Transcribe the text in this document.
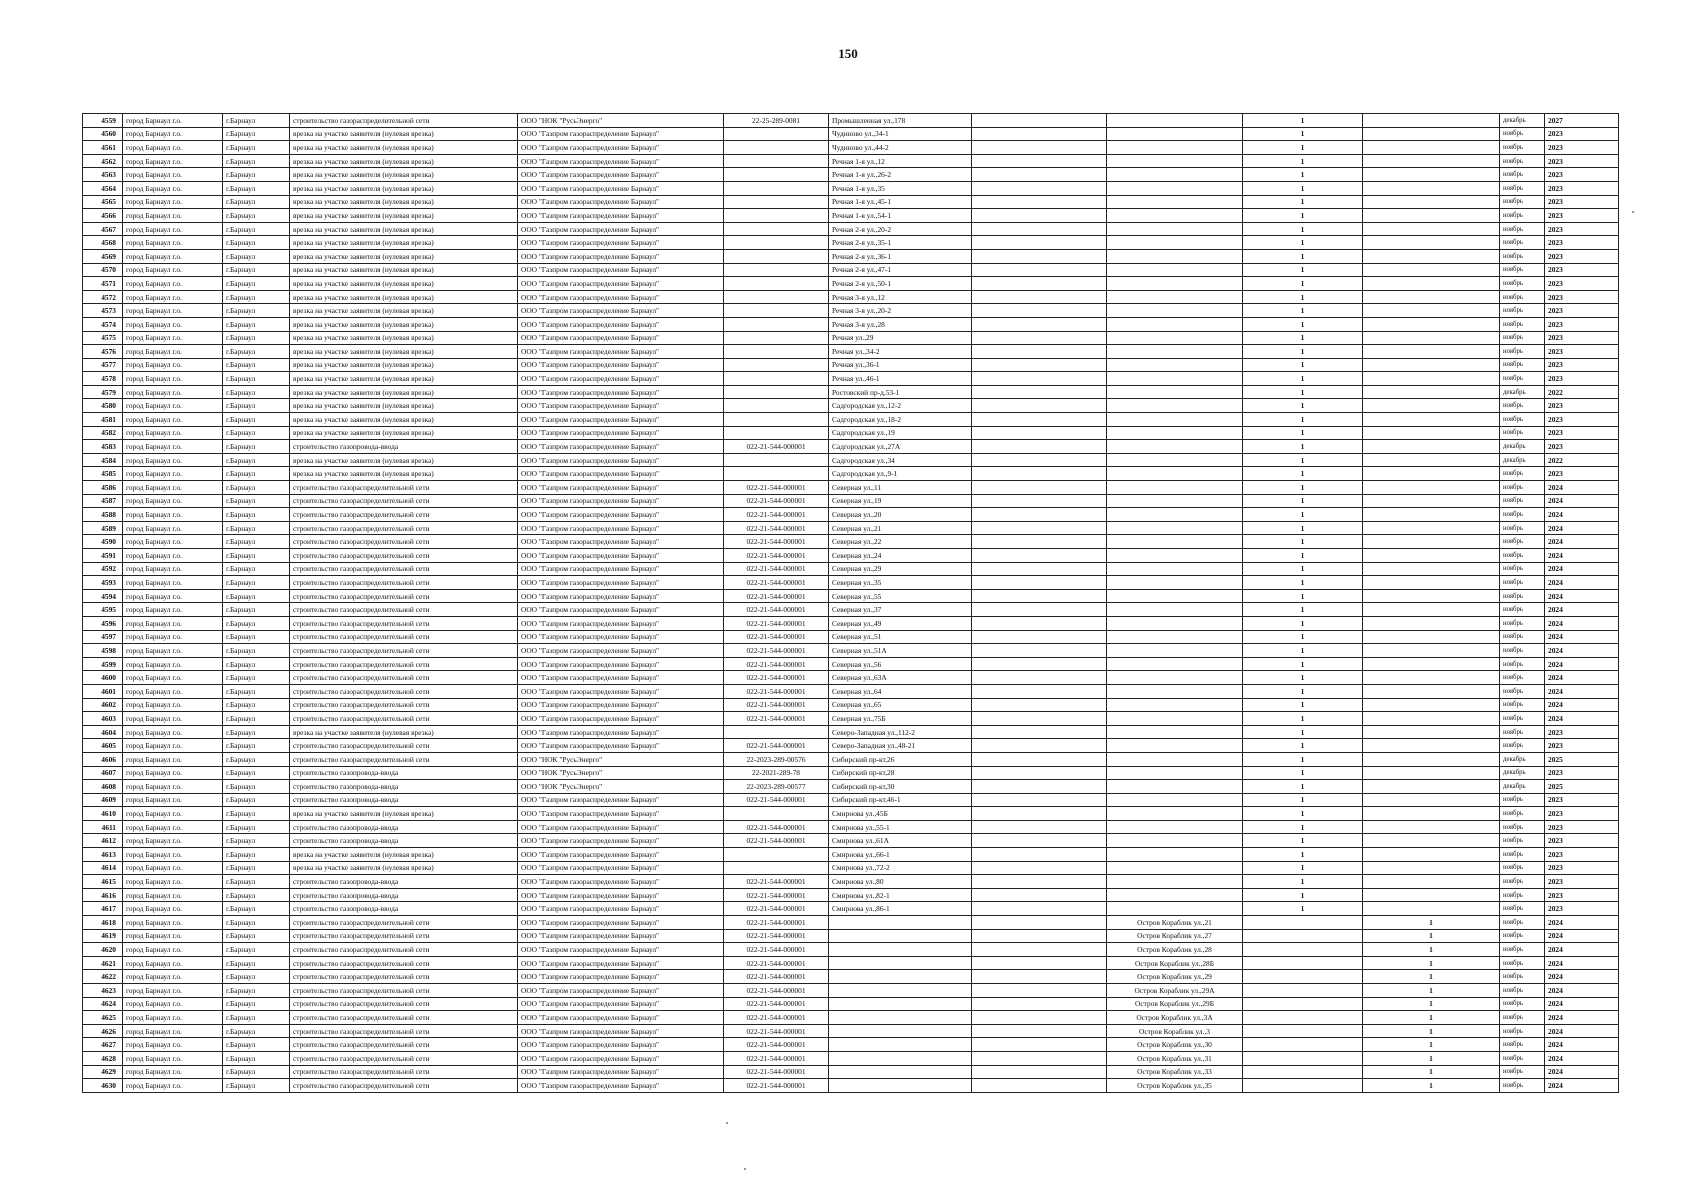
150
4559	город Барнаул г.о.	г.Барнаул	строительство газораспределительной сети	ООО "НОК "РусьЭнерго"	22-25-289-0081	Промышленная ул.,178			1		декабрь	2027
4560	город Барнаул г.о.	г.Барнаул	врезка на участке заявителя (нулевая врезка)	ООО "Газпром газораспределение Барнаул"		Чудиново ул.,34-1			1		ноябрь	2023
4561	город Барнаул г.о.	г.Барнаул	врезка на участке заявителя (нулевая врезка)	ООО "Газпром газораспределение Барнаул"		Чудиново ул.,44-2			1		ноябрь	2023
4562	город Барнаул г.о.	г.Барнаул	врезка на участке заявителя (нулевая врезка)	ООО "Газпром газораспределение Барнаул"		Речная 1-я ул.,12			1		ноябрь	2023
4563	город Барнаул г.о.	г.Барнаул	врезка на участке заявителя (нулевая врезка)	ООО "Газпром газораспределение Барнаул"		Речная 1-я ул.,26-2			1		ноябрь	2023
4564	город Барнаул г.о.	г.Барнаул	врезка на участке заявителя (нулевая врезка)	ООО "Газпром газораспределение Барнаул"		Речная 1-я ул.,35			1		ноябрь	2023
4565	город Барнаул г.о.	г.Барнаул	врезка на участке заявителя (нулевая врезка)	ООО "Газпром газораспределение Барнаул"		Речная 1-я ул.,45-1			1		ноябрь	2023
4566	город Барнаул г.о.	г.Барнаул	врезка на участке заявителя (нулевая врезка)	ООО "Газпром газораспределение Барнаул"		Речная 1-я ул.,54-1			1		ноябрь	2023
4567	город Барнаул г.о.	г.Барнаул	врезка на участке заявителя (нулевая врезка)	ООО "Газпром газораспределение Барнаул"		Речная 2-я ул.,20-2			1		ноябрь	2023
4568	город Барнаул г.о.	г.Барнаул	врезка на участке заявителя (нулевая врезка)	ООО "Газпром газораспределение Барнаул"		Речная 2-я ул.,35-1			1		ноябрь	2023
4569	город Барнаул г.о.	г.Барнаул	врезка на участке заявителя (нулевая врезка)	ООО "Газпром газораспределение Барнаул"		Речная 2-я ул.,36-1			1		ноябрь	2023
4570	город Барнаул г.о.	г.Барнаул	врезка на участке заявителя (нулевая врезка)	ООО "Газпром газораспределение Барнаул"		Речная 2-я ул.,47-1			1		ноябрь	2023
4571	город Барнаул г.о.	г.Барнаул	врезка на участке заявителя (нулевая врезка)	ООО "Газпром газораспределение Барнаул"		Речная 2-я ул.,50-1			1		ноябрь	2023
4572	город Барнаул г.о.	г.Барнаул	врезка на участке заявителя (нулевая врезка)	ООО "Газпром газораспределение Барнаул"		Речная 3-я ул.,12			1		ноябрь	2023
4573	город Барнаул г.о.	г.Барнаул	врезка на участке заявителя (нулевая врезка)	ООО "Газпром газораспределение Барнаул"		Речная 3-я ул.,20-2			1		ноябрь	2023
4574	город Барнаул г.о.	г.Барнаул	врезка на участке заявителя (нулевая врезка)	ООО "Газпром газораспределение Барнаул"		Речная 3-я ул.,28			1		ноябрь	2023
4575	город Барнаул г.о.	г.Барнаул	врезка на участке заявителя (нулевая врезка)	ООО "Газпром газораспределение Барнаул"		Речная ул.,29			1		ноябрь	2023
4576	город Барнаул г.о.	г.Барнаул	врезка на участке заявителя (нулевая врезка)	ООО "Газпром газораспределение Барнаул"		Речная ул.,34-2			1		ноябрь	2023
4577	город Барнаул г.о.	г.Барнаул	врезка на участке заявителя (нулевая врезка)	ООО "Газпром газораспределение Барнаул"		Речная ул.,36-1			1		ноябрь	2023
4578	город Барнаул г.о.	г.Барнаул	врезка на участке заявителя (нулевая врезка)	ООО "Газпром газораспределение Барнаул"		Речная ул.,46-1			1		ноябрь	2023
4579	город Барнаул г.о.	г.Барнаул	врезка на участке заявителя (нулевая врезка)	ООО "Газпром газораспределение Барнаул"		Ростовский пр-д,53-1			1		декабрь	2022
4580	город Барнаул г.о.	г.Барнаул	врезка на участке заявителя (нулевая врезка)	ООО "Газпром газораспределение Барнаул"		Садгородская ул.,12-2			1		ноябрь	2023
4581	город Барнаул г.о.	г.Барнаул	врезка на участке заявителя (нулевая врезка)	ООО "Газпром газораспределение Барнаул"		Садгородская ул.,18-2			1		ноябрь	2023
4582	город Барнаул г.о.	г.Барнаул	врезка на участке заявителя (нулевая врезка)	ООО "Газпром газораспределение Барнаул"		Садгородская ул.,19			1		ноябрь	2023
4583	город Барнаул г.о.	г.Барнаул	строительство газопровода-ввода	ООО "Газпром газораспределение Барнаул"	022-21-544-000001	Садгородская ул.,27А			1		декабрь	2023
4584	город Барнаул г.о.	г.Барнаул	врезка на участке заявителя (нулевая врезка)	ООО "Газпром газораспределение Барнаул"		Садгородская ул.,34			1		декабрь	2022
4585	город Барнаул г.о.	г.Барнаул	врезка на участке заявителя (нулевая врезка)	ООО "Газпром газораспределение Барнаул"		Садгородская ул.,9-1			1		ноябрь	2023
4586	город Барнаул г.о.	г.Барнаул	строительство газораспределительной сети	ООО "Газпром газораспределение Барнаул"	022-21-544-000001	Северная ул.,11			1		ноябрь	2024
4587	город Барнаул г.о.	г.Барнаул	строительство газораспределительной сети	ООО "Газпром газораспределение Барнаул"	022-21-544-000001	Северная ул.,19			1		ноябрь	2024
4588	город Барнаул г.о.	г.Барнаул	строительство газораспределительной сети	ООО "Газпром газораспределение Барнаул"	022-21-544-000001	Северная ул.,20			1		ноябрь	2024
4589	город Барнаул г.о.	г.Барнаул	строительство газораспределительной сети	ООО "Газпром газораспределение Барнаул"	022-21-544-000001	Северная ул.,21			1		ноябрь	2024
4590	город Барнаул г.о.	г.Барнаул	строительство газораспределительной сети	ООО "Газпром газораспределение Барнаул"	022-21-544-000001	Северная ул.,22			1		ноябрь	2024
4591	город Барнаул г.о.	г.Барнаул	строительство газораспределительной сети	ООО "Газпром газораспределение Барнаул"	022-21-544-000001	Северная ул.,24			1		ноябрь	2024
4592	город Барнаул г.о.	г.Барнаул	строительство газораспределительной сети	ООО "Газпром газораспределение Барнаул"	022-21-544-000001	Северная ул.,29			1		ноябрь	2024
4593	город Барнаул г.о.	г.Барнаул	строительство газораспределительной сети	ООО "Газпром газораспределение Барнаул"	022-21-544-000001	Северная ул.,35			1		ноябрь	2024
4594	город Барнаул г.о.	г.Барнаул	строительство газораспределительной сети	ООО "Газпром газораспределение Барнаул"	022-21-544-000001	Северная ул.,55			1		ноябрь	2024
4595	город Барнаул г.о.	г.Барнаул	строительство газораспределительной сети	ООО "Газпром газораспределение Барнаул"	022-21-544-000001	Северная ул.,37			1		ноябрь	2024
4596	город Барнаул г.о.	г.Барнаул	строительство газораспределительной сети	ООО "Газпром газораспределение Барнаул"	022-21-544-000001	Северная ул.,49			1		ноябрь	2024
4597	город Барнаул г.о.	г.Барнаул	строительство газораспределительной сети	ООО "Газпром газораспределение Барнаул"	022-21-544-000001	Северная ул.,51			1		ноябрь	2024
4598	город Барнаул г.о.	г.Барнаул	строительство газораспределительной сети	ООО "Газпром газораспределение Барнаул"	022-21-544-000001	Северная ул.,51А			1		ноябрь	2024
4599	город Барнаул г.о.	г.Барнаул	строительство газораспределительной сети	ООО "Газпром газораспределение Барнаул"	022-21-544-000001	Северная ул.,56			1		ноябрь	2024
4600	город Барнаул г.о.	г.Барнаул	строительство газораспределительной сети	ООО "Газпром газораспределение Барнаул"	022-21-544-000001	Северная ул.,63А			1		ноябрь	2024
4601	город Барнаул г.о.	г.Барнаул	строительство газораспределительной сети	ООО "Газпром газораспределение Барнаул"	022-21-544-000001	Северная ул.,64			1		ноябрь	2024
4602	город Барнаул г.о.	г.Барнаул	строительство газораспределительной сети	ООО "Газпром газораспределение Барнаул"	022-21-544-000001	Северная ул.,65			1		ноябрь	2024
4603	город Барнаул г.о.	г.Барнаул	строительство газораспределительной сети	ООО "Газпром газораспределение Барнаул"	022-21-544-000001	Северная ул.,75Б			1		ноябрь	2024
4604	город Барнаул г.о.	г.Барнаул	врезка на участке заявителя (нулевая врезка)	ООО "Газпром газораспределение Барнаул"		Северо-Западная ул.,112-2			1		ноябрь	2023
4605	город Барнаул г.о.	г.Барнаул	строительство газораспределительной сети	ООО "Газпром газораспределение Барнаул"	022-21-544-000001	Северо-Западная ул.,48-21			1		ноябрь	2023
4606	город Барнаул г.о.	г.Барнаул	строительство газораспределительной сети	ООО "НОК "РусьЭнерго"	22-2023-289-00576	Сибирский пр-кт,26			1		декабрь	2025
4607	город Барнаул г.о.	г.Барнаул	строительство газопровода-ввода	ООО "НОК "РусьЭнерго"	22-2021-289-78	Сибирский пр-кт,28			1		декабрь	2023
4608	город Барнаул г.о.	г.Барнаул	строительство газопровода-ввода	ООО "НОК "РусьЭнерго"	22-2023-289-00577	Сибирский пр-кт,30			1		декабрь	2025
4609	город Барнаул г.о.	г.Барнаул	строительство газопровода-ввода	ООО "Газпром газораспределение Барнаул"	022-21-544-000001	Сибирский пр-кт,46-1			1		ноябрь	2023
4610	город Барнаул г.о.	г.Барнаул	врезка на участке заявителя (нулевая врезка)	ООО "Газпром газораспределение Барнаул"		Смирнова ул.,45Б			1		ноябрь	2023
4611	город Барнаул г.о.	г.Барнаул	строительство газопровода-ввода	ООО "Газпром газораспределение Барнаул"	022-21-544-000001	Смирнова ул.,55-1			1		ноябрь	2023
4612	город Барнаул г.о.	г.Барнаул	строительство газопровода-ввода	ООО "Газпром газораспределение Барнаул"	022-21-544-000001	Смирнова ул.,61А			1		ноябрь	2023
4613	город Барнаул г.о.	г.Барнаул	врезка на участке заявителя (нулевая врезка)	ООО "Газпром газораспределение Барнаул"		Смирнова ул.,66-1			1		ноябрь	2023
4614	город Барнаул г.о.	г.Барнаул	врезка на участке заявителя (нулевая врезка)	ООО "Газпром газораспределение Барнаул"		Смирнова ул.,72-2			1		ноябрь	2023
4615	город Барнаул г.о.	г.Барнаул	строительство газопровода-ввода	ООО "Газпром газораспределение Барнаул"	022-21-544-000001	Смирнова ул.,80			1		ноябрь	2023
4616	город Барнаул г.о.	г.Барнаул	строительство газопровода-ввода	ООО "Газпром газораспределение Барнаул"	022-21-544-000001	Смирнова ул.,82-1			1		ноябрь	2023
4617	город Барнаул г.о.	г.Барнаул	строительство газопровода-ввода	ООО "Газпром газораспределение Барнаул"	022-21-544-000001	Смирнова ул.,86-1			1		ноябрь	2023
4618	город Барнаул г.о.	г.Барнаул	строительство газораспределительной сети	ООО "Газпром газораспределение Барнаул"	022-21-544-000001			Остров Кораблик ул.,21		1	ноябрь	2024
4619	город Барнаул г.о.	г.Барнаул	строительство газораспределительной сети	ООО "Газпром газораспределение Барнаул"	022-21-544-000001			Остров Кораблик ул.,27		1	ноябрь	2024
4620	город Барнаул г.о.	г.Барнаул	строительство газораспределительной сети	ООО "Газпром газораспределение Барнаул"	022-21-544-000001			Остров Кораблик ул.,28		1	ноябрь	2024
4621	город Барнаул г.о.	г.Барнаул	строительство газораспределительной сети	ООО "Газпром газораспределение Барнаул"	022-21-544-000001			Остров Кораблик ул.,28Б		1	ноябрь	2024
4622	город Барнаул г.о.	г.Барнаул	строительство газораспределительной сети	ООО "Газпром газораспределение Барнаул"	022-21-544-000001			Остров Кораблик ул.,29		1	ноябрь	2024
4623	город Барнаул г.о.	г.Барнаул	строительство газораспределительной сети	ООО "Газпром газораспределение Барнаул"	022-21-544-000001			Остров Кораблик ул.,29А		1	ноябрь	2024
4624	город Барнаул г.о.	г.Барнаул	строительство газораспределительной сети	ООО "Газпром газораспределение Барнаул"	022-21-544-000001			Остров Кораблик ул.,29Б		1	ноябрь	2024
4625	город Барнаул г.о.	г.Барнаул	строительство газораспределительной сети	ООО "Газпром газораспределение Барнаул"	022-21-544-000001			Остров Кораблик ул.,3А		1	ноябрь	2024
4626	город Барнаул г.о.	г.Барнаул	строительство газораспределительной сети	ООО "Газпром газораспределение Барнаул"	022-21-544-000001			Остров Кораблик ул.,3		1	ноябрь	2024
4627	город Барнаул г.о.	г.Барнаул	строительство газораспределительной сети	ООО "Газпром газораспределение Барнаул"	022-21-544-000001			Остров Кораблик ул.,30		1	ноябрь	2024
4628	город Барнаул г.о.	г.Барнаул	строительство газораспределительной сети	ООО "Газпром газораспределение Барнаул"	022-21-544-000001			Остров Кораблик ул.,31		1	ноябрь	2024
4629	город Барнаул г.о.	г.Барнаул	строительство газораспределительной сети	ООО "Газпром газораспределение Барнаул"	022-21-544-000001			Остров Кораблик ул.,33		1	ноябрь	2024
4630	город Барнаул г.о.	г.Барнаул	строительство газораспределительной сети	ООО "Газпром газораспределение Барнаул"	022-21-544-000001			Остров Кораблик ул.,35		1	ноябрь	2024
